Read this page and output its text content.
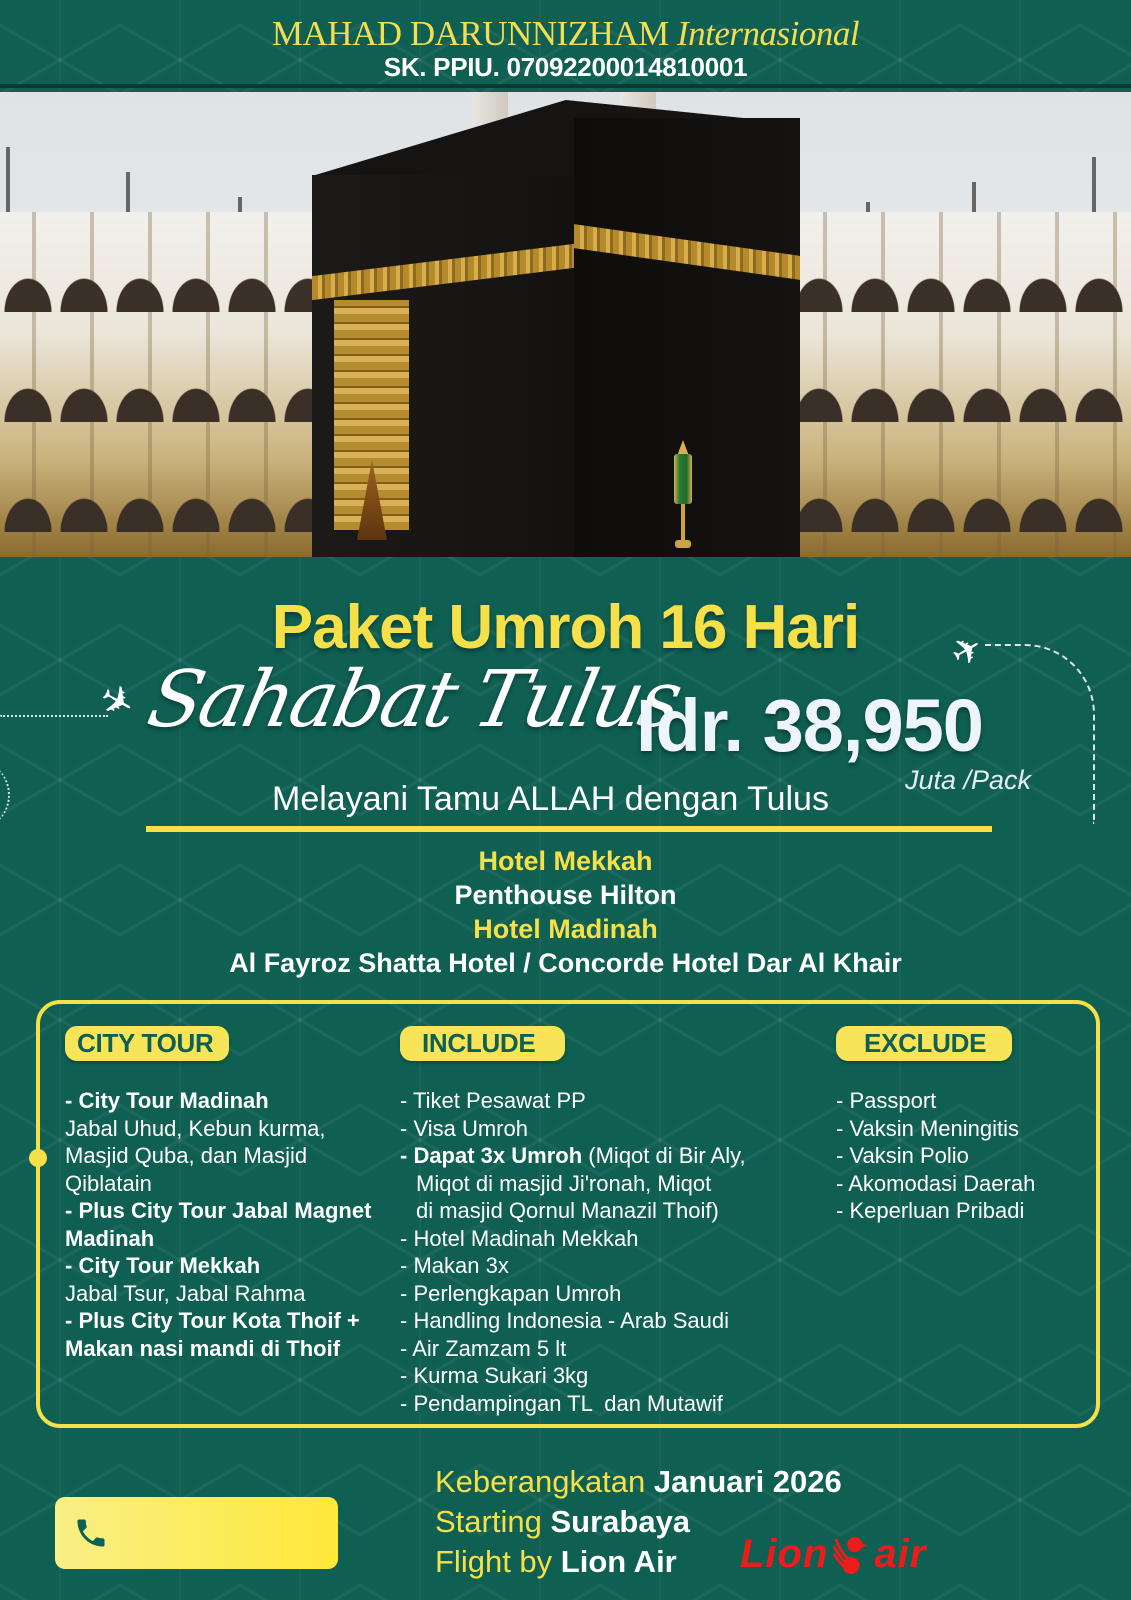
MAHAD DARUNNIZHAM Internasional
SK. PPIU. 07092200014810001
Paket Umroh 16 Hari
✈
✈
Sahabat Tulus
Idr. 38,950
Juta /Pack
Melayani Tamu ALLAH dengan Tulus
Hotel Mekkah
Penthouse Hilton
Hotel Madinah
Al Fayroz Shatta Hotel / Concorde Hotel Dar Al Khair
CITY TOUR
- City Tour Madinah
Jabal Uhud, Kebun kurma, Masjid Quba, dan Masjid Qiblatain
- Plus City Tour Jabal Magnet Madinah
- City Tour Mekkah
Jabal Tsur, Jabal Rahma
- Plus City Tour Kota Thoif + Makan nasi mandi di Thoif
INCLUDE
- Tiket Pesawat PP
- Visa Umroh
- Dapat 3x Umroh (Miqot di Bir Aly,
Miqot di masjid Ji'ronah, Miqot
di masjid Qornul Manazil Thoif)
- Hotel Madinah Mekkah
- Makan 3x
- Perlengkapan Umroh
- Handling Indonesia - Arab Saudi
- Air Zamzam 5 lt
- Kurma Sukari 3kg
- Pendampingan TL  dan Mutawif
EXCLUDE
- Passport
- Vaksin Meningitis
- Vaksin Polio
- Akomodasi Daerah
- Keperluan Pribadi
Keberangkatan Januari 2026
Starting Surabaya
Flight by Lion Air	Lion air
